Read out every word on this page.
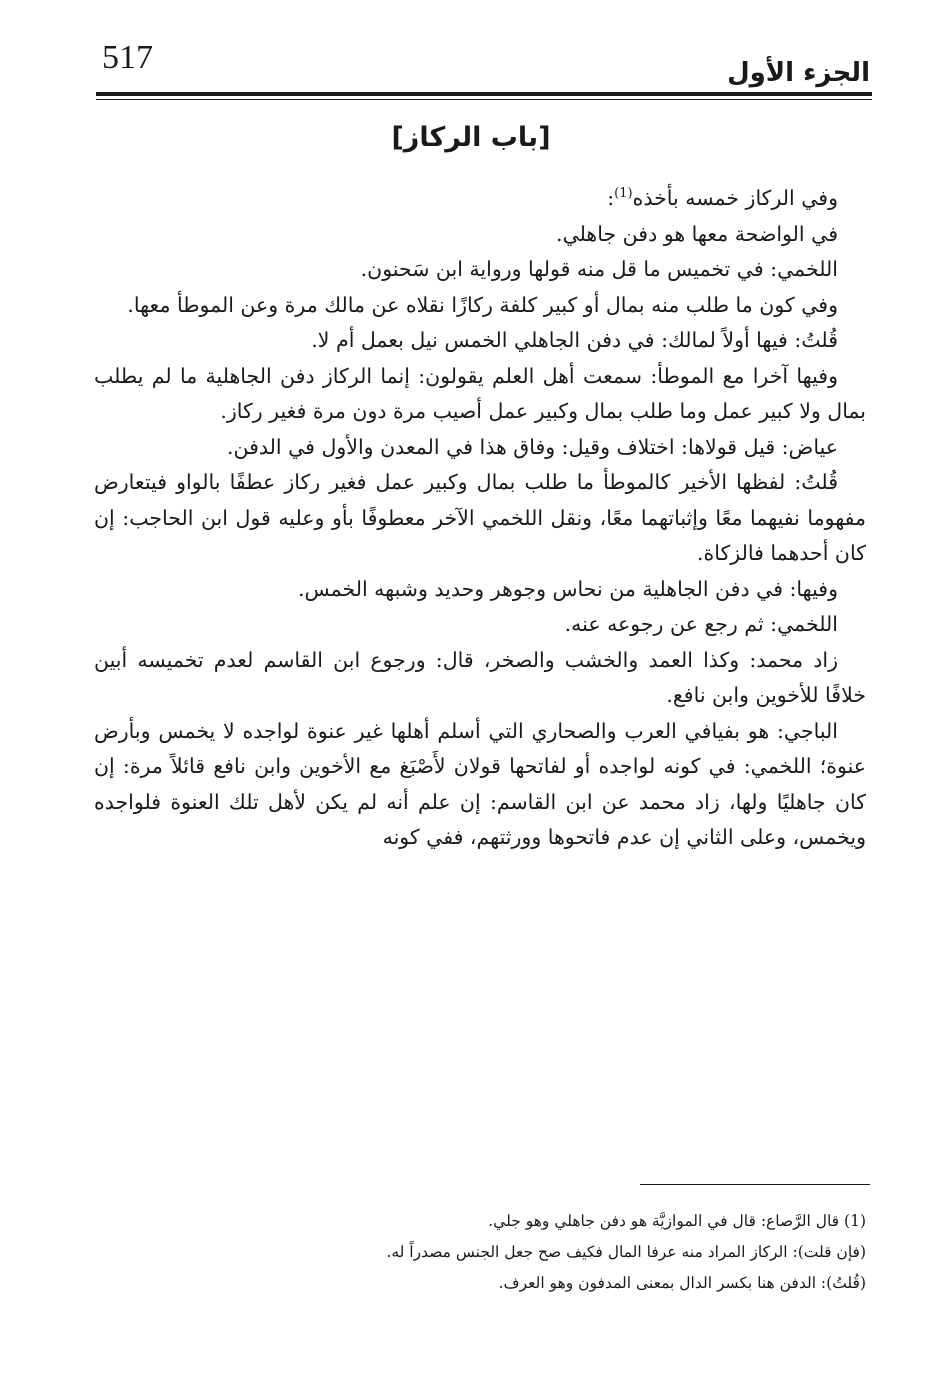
517	الجزء الأول
[باب الركاز]

وفي الركاز خمسه بأخذه$^{(1)}$:

في الواضحة معها هو دفن جاهلي.

اللخمي: في تخميس ما قل منه قولها ورواية ابن سَحنون.

وفي كون ما طلب منه بمال أو كبير كلفة ركازًا نقلاه عن مالك مرة وعن الموطأ معها.

قُلتُ: فيها أولاً لمالك: في دفن الجاهلي الخمس نيل بعمل أم لا.

وفيها آخرا مع الموطأ: سمعت أهل العلم يقولون: إنما الركاز دفن الجاهلية ما لم يطلب بمال ولا كبير عمل وما طلب بمال وكبير عمل أصيب مرة دون مرة فغير ركاز.

عياض: قيل قولاها: اختلاف وقيل: وفاق هذا في المعدن والأول في الدفن.

قُلتُ: لفظها الأخير كالموطأ ما طلب بمال وكبير عمل فغير ركاز عطفًا بالواو فيتعارض مفهوما نفيهما معًا وإثباتهما معًا، ونقل اللخمي الآخر معطوفًا بأو وعليه قول ابن الحاجب: إن كان أحدهما فالزكاة.

وفيها: في دفن الجاهلية من نحاس وجوهر وحديد وشبهه الخمس.

اللخمي: ثم رجع عن رجوعه عنه.

زاد محمد: وكذا العمد والخشب والصخر، قال: ورجوع ابن القاسم لعدم تخميسه أبين خلافًا للأخوين وابن نافع.

الباجي: هو بفيافي العرب والصحاري التي أسلم أهلها غير عنوة لواجده لا يخمس وبأرض عنوة؛ اللخمي: في كونه لواجده أو لفاتحها قولان لأَصْبَغ مع الأخوين وابن نافع قائلاً مرة: إن كان جاهليًا ولها، زاد محمد عن ابن القاسم: إن علم أنه لم يكن لأهل تلك العنوة فلواجده ويخمس، وعلى الثاني إن عدم فاتحوها وورثتهم، ففي كونه

(1) قال الرَّصاع: قال في الموازيَّة هو دفن جاهلي وهو جلي.

(فإن قلت): الركاز المراد منه عرفا المال فكيف صح جعل الجنس مصدراً له.

(قُلتُ): الدفن هنا بكسر الدال بمعنى المدفون وهو العرف.
